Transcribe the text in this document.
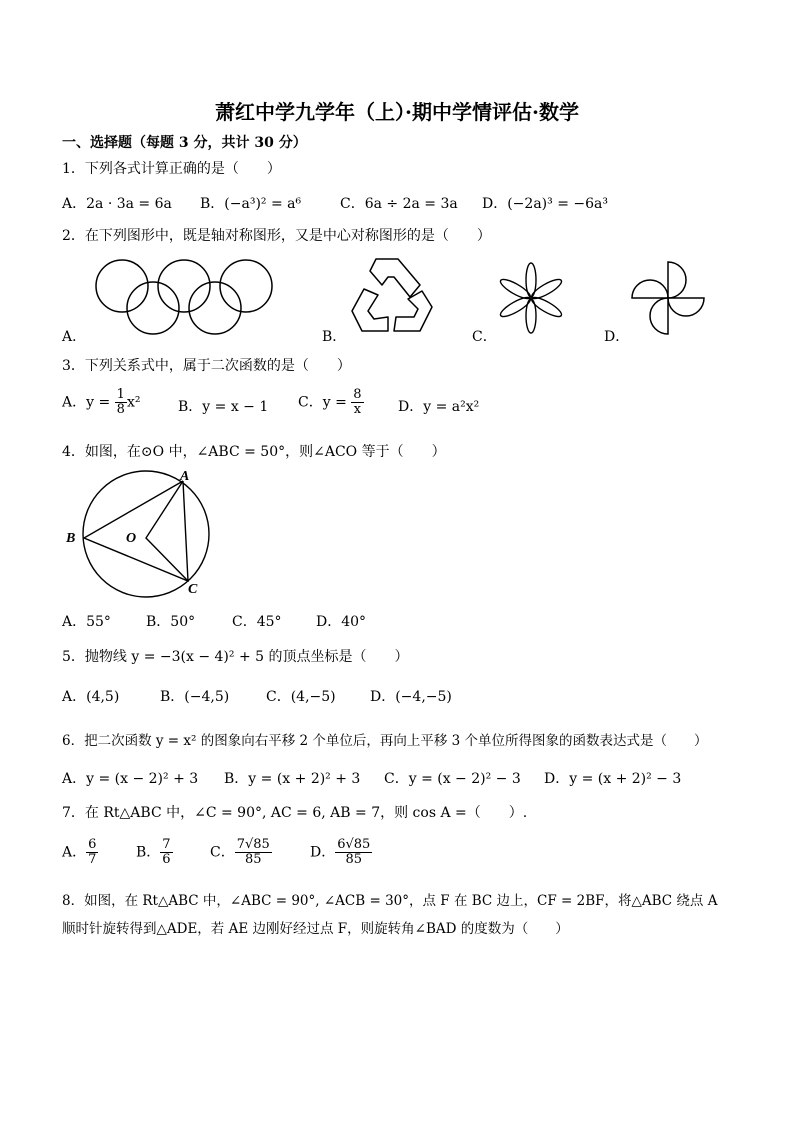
萧红中学九学年（上）·期中学情评估·数学
一、选择题（每题 3 分，共计 30 分）
1．下列各式计算正确的是（　　）
A．2a · 3a = 6a B．(−a³)² = a⁶	C．6a ÷ 2a = 3a D．(−2a)³ = −6a³
2．在下列图形中，既是轴对称图形，又是中心对称图形的是（　　）
A．	B．	C．	D．
3．下列关系式中，属于二次函数的是（　　）
A．$y = \frac{1}{8} x^2$	B．y = x − 1 C．$y = \frac{8}{x}$ D．y = a²x²
4．如图，在⊙O 中，∠ABC = 50°，则∠ACO 等于（　　）
A
B	O
C
A．55°	B．50°	C．45° D．40°
5．抛物线 y = −3(x − 4)² + 5 的顶点坐标是（　　）
A．(4,5)	B．(−4,5)	C．(4,−5) D．(−4,−5)
6．把二次函数 y = x² 的图象向右平移 2 个单位后，再向上平移 3 个单位所得图象的函数表达式是（　　）
A．y = (x − 2)² + 3 B．y = (x + 2)² + 3 C．y = (x − 2)² − 3 D．y = (x + 2)² − 3
7．在 Rt△ABC 中，∠C = 90°, AC = 6, AB = 7，则 cos A =（　　）.
A． $\frac{6}{7}$	B． $\frac{7}{6}$	C． $\frac{7√85}{85}$	D． $\frac{6√85}{85}$
8．如图，在 Rt△ABC 中，∠ABC = 90°, ∠ACB = 30°，点 F 在 BC 边上，CF = 2BF，将△ABC 绕点 A
顺时针旋转得到△ADE，若 AE 边刚好经过点 F，则旋转角∠BAD 的度数为（　　）
